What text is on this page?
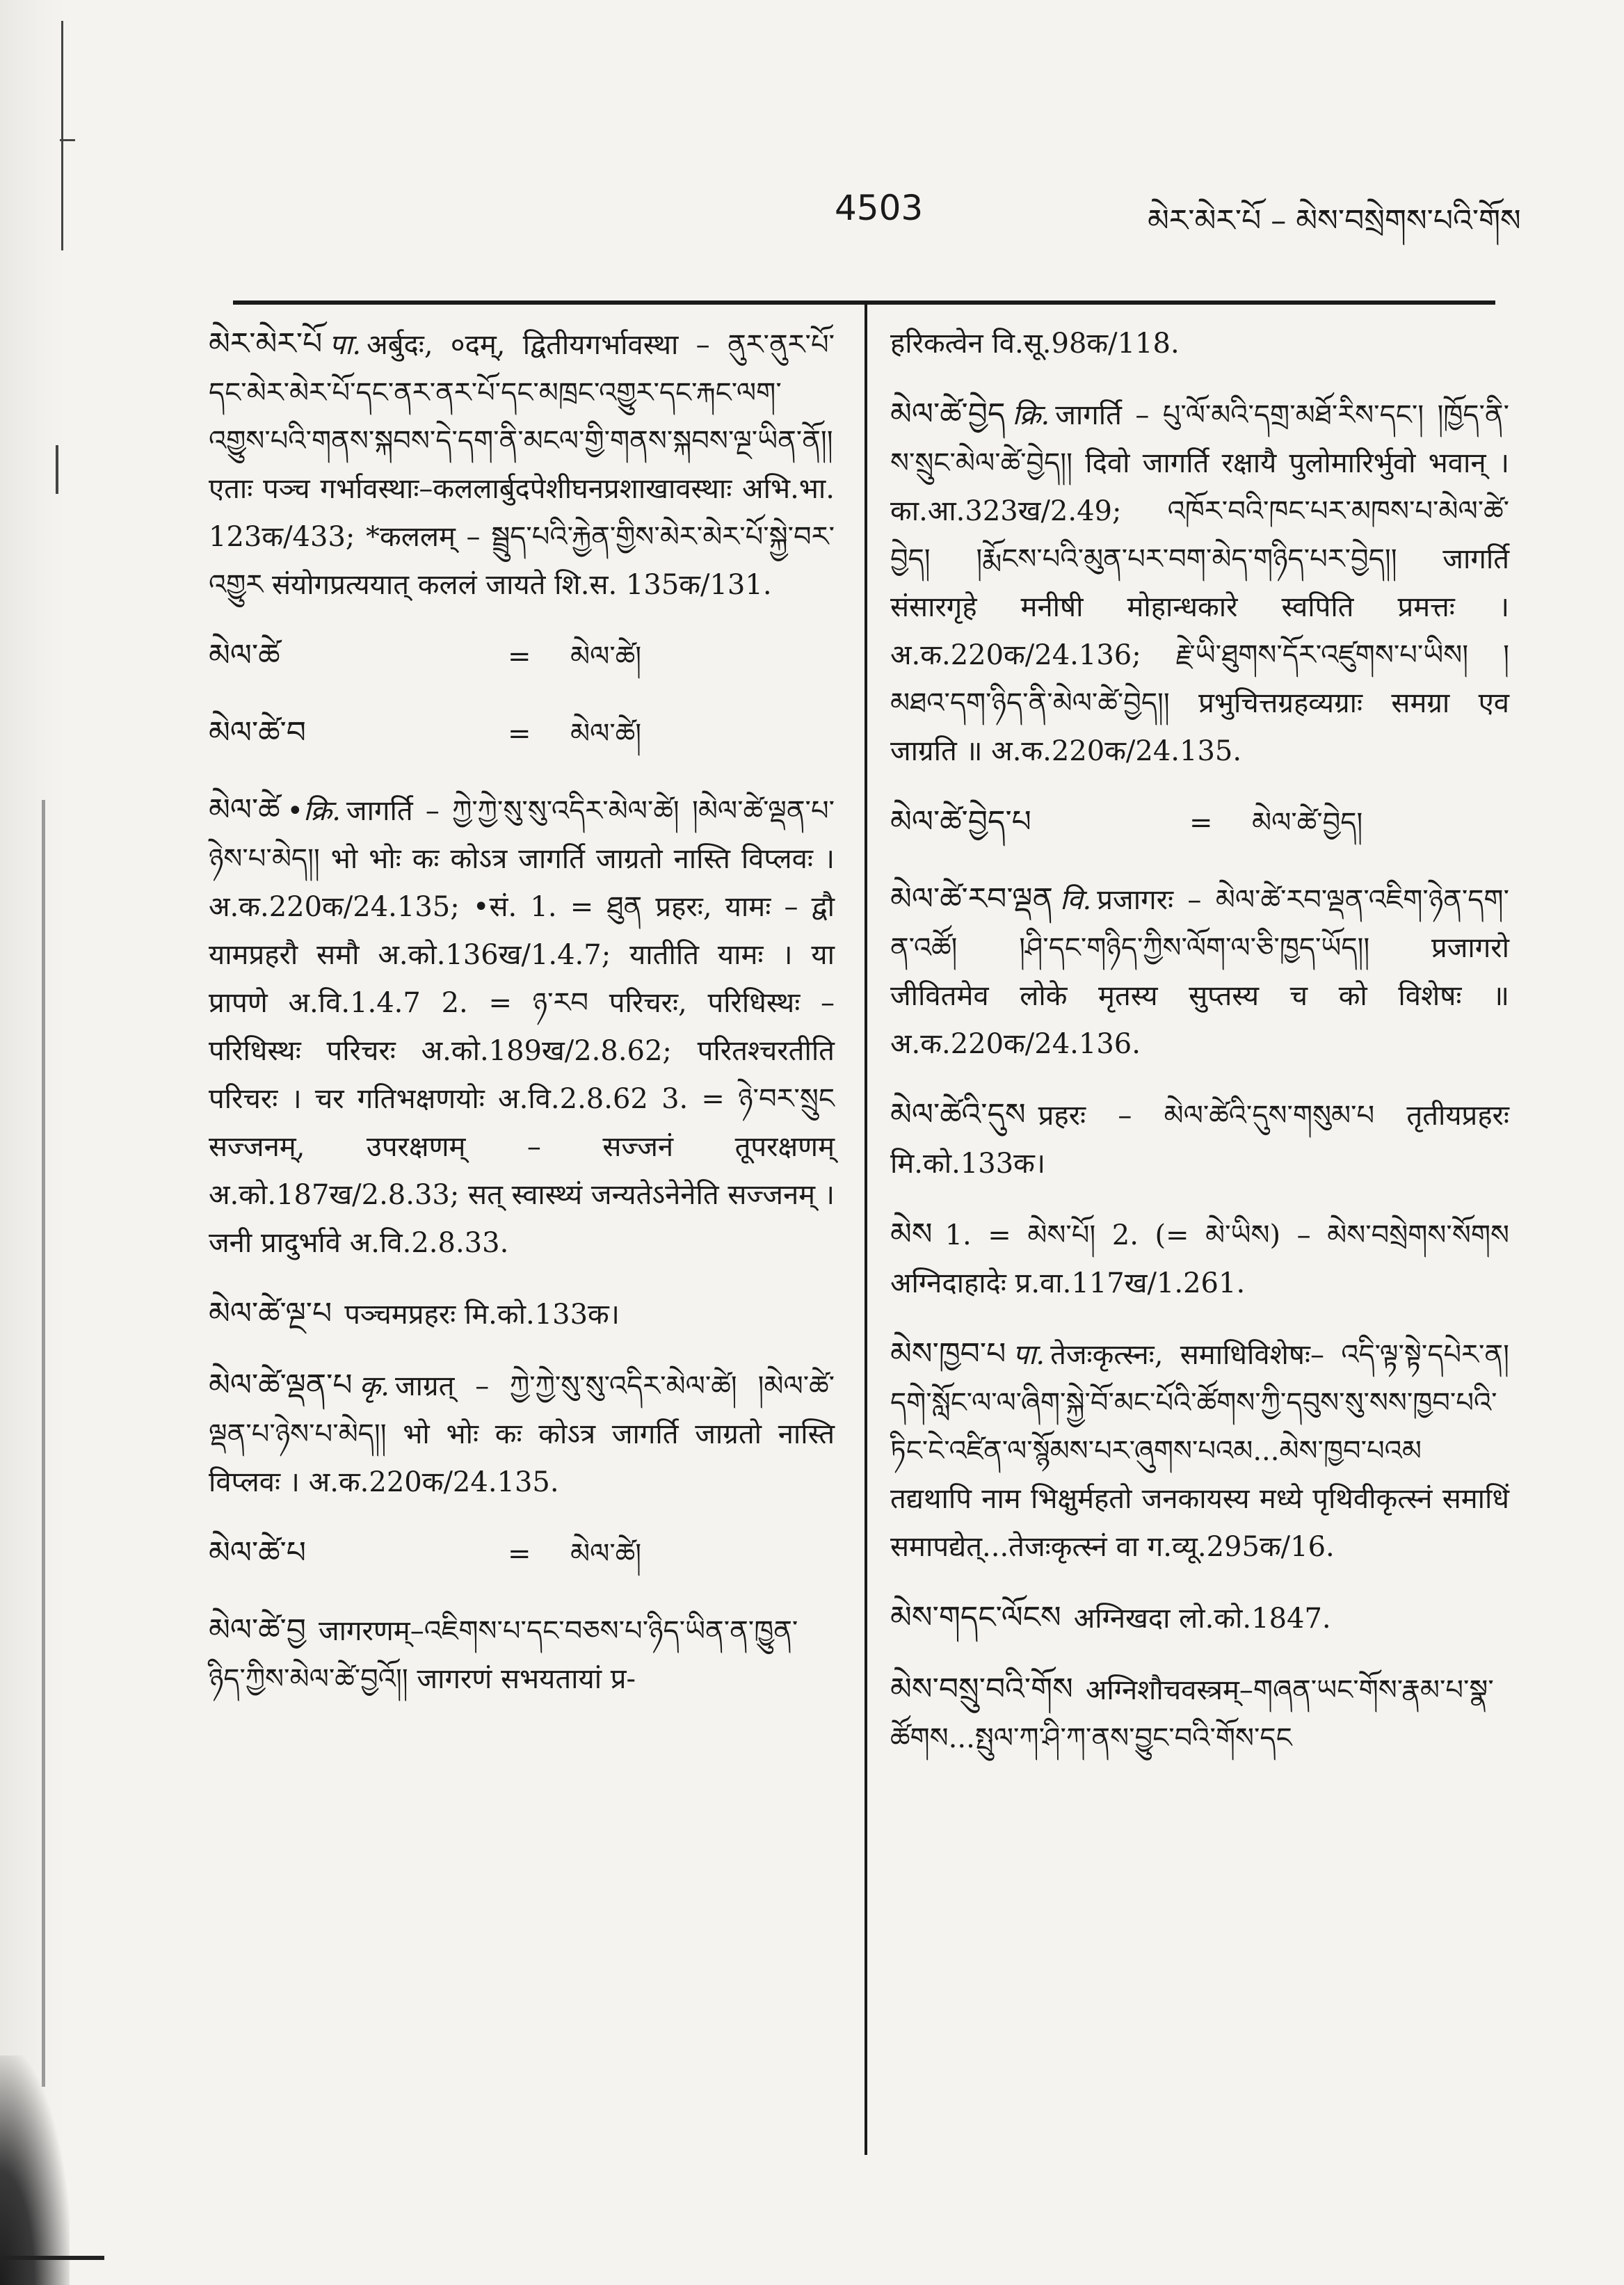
4503	མེར་མེར་པོ – མེས་བསྲེགས་པའི་གོས
མེར་མེར་པོ पा. अर्बुदः, ०दम्, द्वितीयगर्भावस्था – ནུར་ནུར་པོ་དང་མེར་མེར་པོ་དང་ནར་ནར་པོ་དང་མཁྲང་འགྱུར་དང་རྐང་ལག་འགྱུས་པའི་གནས་སྐབས་དེ་དག་ནི་མངལ་གྱི་གནས་སྐབས་ལྔ་ཡིན་ནོ།། एताः पञ्च गर्भावस्थाः–कललार्बुदपेशीघनप्रशाखावस्थाः अभि.भा. 123क/433; *कललम् – སྦྲུད་པའི་རྐྱེན་གྱིས་མེར་མེར་པོ་སྐྱེ་བར་འགྱུར संयोगप्रत्ययात् कललं जायते शि.स. 135क/131.
མེལ་ཚེ	=	མེལ་ཚེ།
མེལ་ཚེ་བ	=	མེལ་ཚེ།
མེལ་ཚེ •क्रि. जागर्ति – ཀྱེ་ཀྱེ་སུ་སུ་འདིར་མེལ་ཚེ། །མེལ་ཚེ་ལྡན་པ་ཉེས་པ་མེད།། भो भोः कः कोऽत्र जागर्ति जाग्रतो नास्ति विप्लवः । अ.क.220क/24.135; •सं. 1. = ཐུན प्रहरः, यामः – द्वौ यामप्रहरौ समौ अ.को.136ख/1.4.7; यातीति यामः । या प्रापणे अ.वि.1.4.7 2. = ཉ་རབ परिचरः, परिधिस्थः – परिधिस्थः परिचरः अ.को.189ख/2.8.62; परितश्चरतीति परिचरः । चर गतिभक्षणयोः अ.वि.2.8.62 3. = ཉེ་བར་སྲུང सज्जनम्, उपरक्षणम् – सज्जनं तूपरक्षणम् अ.को.187ख/2.8.33; सत् स्वास्थ्यं जन्यतेऽनेनेति सज्जनम् । जनी प्रादुर्भावे अ.वि.2.8.33.
མེལ་ཚེ་ལྔ་པ पञ्चमप्रहरः मि.को.133क।
མེལ་ཚེ་ལྡན་པ कृ. जाग्रत् – ཀྱེ་ཀྱེ་སུ་སུ་འདིར་མེལ་ཚེ། །མེལ་ཚེ་ལྡན་པ་ཉེས་པ་མེད།། भो भोः कः कोऽत्र जागर्ति जाग्रतो नास्ति विप्लवः । अ.क.220क/24.135.
མེལ་ཚེ་པ	=	མེལ་ཚེ།
མེལ་ཚེ་བྱ जागरणम्–འཇིགས་པ་དང་བཅས་པ་ཉིད་ཡིན་ན་ཁྱུན་ཉིད་ཀྱིས་མེལ་ཚེ་བྱའོ།། जागरणं सभयतायां प्र-
हरिकत्वेन वि.सू.98क/118.
མེལ་ཚེ་བྱེད क्रि. जागर्ति – པུ་ལོ་མའི་དགྲ་མཐོ་རིས་དང་། །ཁྱོད་ནི་ས་སྲུང་མེལ་ཚེ་བྱེད།། दिवो जागर्ति रक्षायै पुलोमारिर्भुवो भवान् । का.आ.323ख/2.49; འཁོར་བའི་ཁང་པར་མཁས་པ་མེལ་ཚེ་བྱེད། །རྨོངས་པའི་མུན་པར་བག་མེད་གཉིད་པར་བྱེད།། जागर्ति संसारगृहे मनीषी मोहान्धकारे स्वपिति प्रमत्तः । अ.क.220क/24.136; རྗེ་ཡི་ཐུགས་དོར་འཛུགས་པ་ཡིས། །མཐའ་དག་ཉིད་ནི་མེལ་ཚེ་བྱེད།། प्रभुचित्तग्रहव्यग्राः समग्रा एव जाग्रति ॥ अ.क.220क/24.135.
མེལ་ཚེ་བྱེད་པ	=	མེལ་ཚེ་བྱེད།
མེལ་ཚེ་རབ་ལྡན वि. प्रजागरः – མེལ་ཚེ་རབ་ལྡན་འཇིག་ཉེན་དག་ན་འཚོ། །ཤི་དང་གཉིད་ཀྱིས་ལོག་ལ་ཅི་ཁྱད་ཡོད།། प्रजागरो जीवितमेव लोके मृतस्य सुप्तस्य च को विशेषः ॥ अ.क.220क/24.136.
མེལ་ཚེའི་དུས प्रहरः – མེལ་ཚེའི་དུས་གསུམ་པ तृतीयप्रहरः मि.को.133क।
མེས 1. = མེས་པོ། 2. (= མེ་ཡིས) – མེས་བསྲེགས་སོགས अग्निदाहादेः प्र.वा.117ख/1.261.
མེས་ཁྱབ་པ पा. तेजःकृत्स्नः, समाधिविशेषः– འདི་ལྟ་སྟེ་དཔེར་ན། དགེ་སློང་ལ་ལ་ཞིག་སྐྱེ་བོ་མང་པོའི་ཚོགས་ཀྱི་དབུས་སུ་སས་ཁྱབ་པའི་ཏིང་ངེ་འཛིན་ལ་སྙོམས་པར་ཞུགས་པའམ...མེས་ཁྱབ་པའམ तद्यथापि नाम भिक्षुर्महतो जनकायस्य मध्ये पृथिवीकृत्स्नं समाधिं समापद्येत्...तेजःकृत्स्नं वा ग.व्यू.295क/16.
མེས་གདང་ལོངས अग्निखदा लो.को.1847.
མེས་བསྲུ་བའི་གོས अग्निशौचवस्त्रम्–གཞན་ཡང་གོས་རྣམ་པ་སྣ་ཚོགས...སྤུལ་ཀ་ཤི་ཀ་ནས་བྱུང་བའི་གོས་དང
